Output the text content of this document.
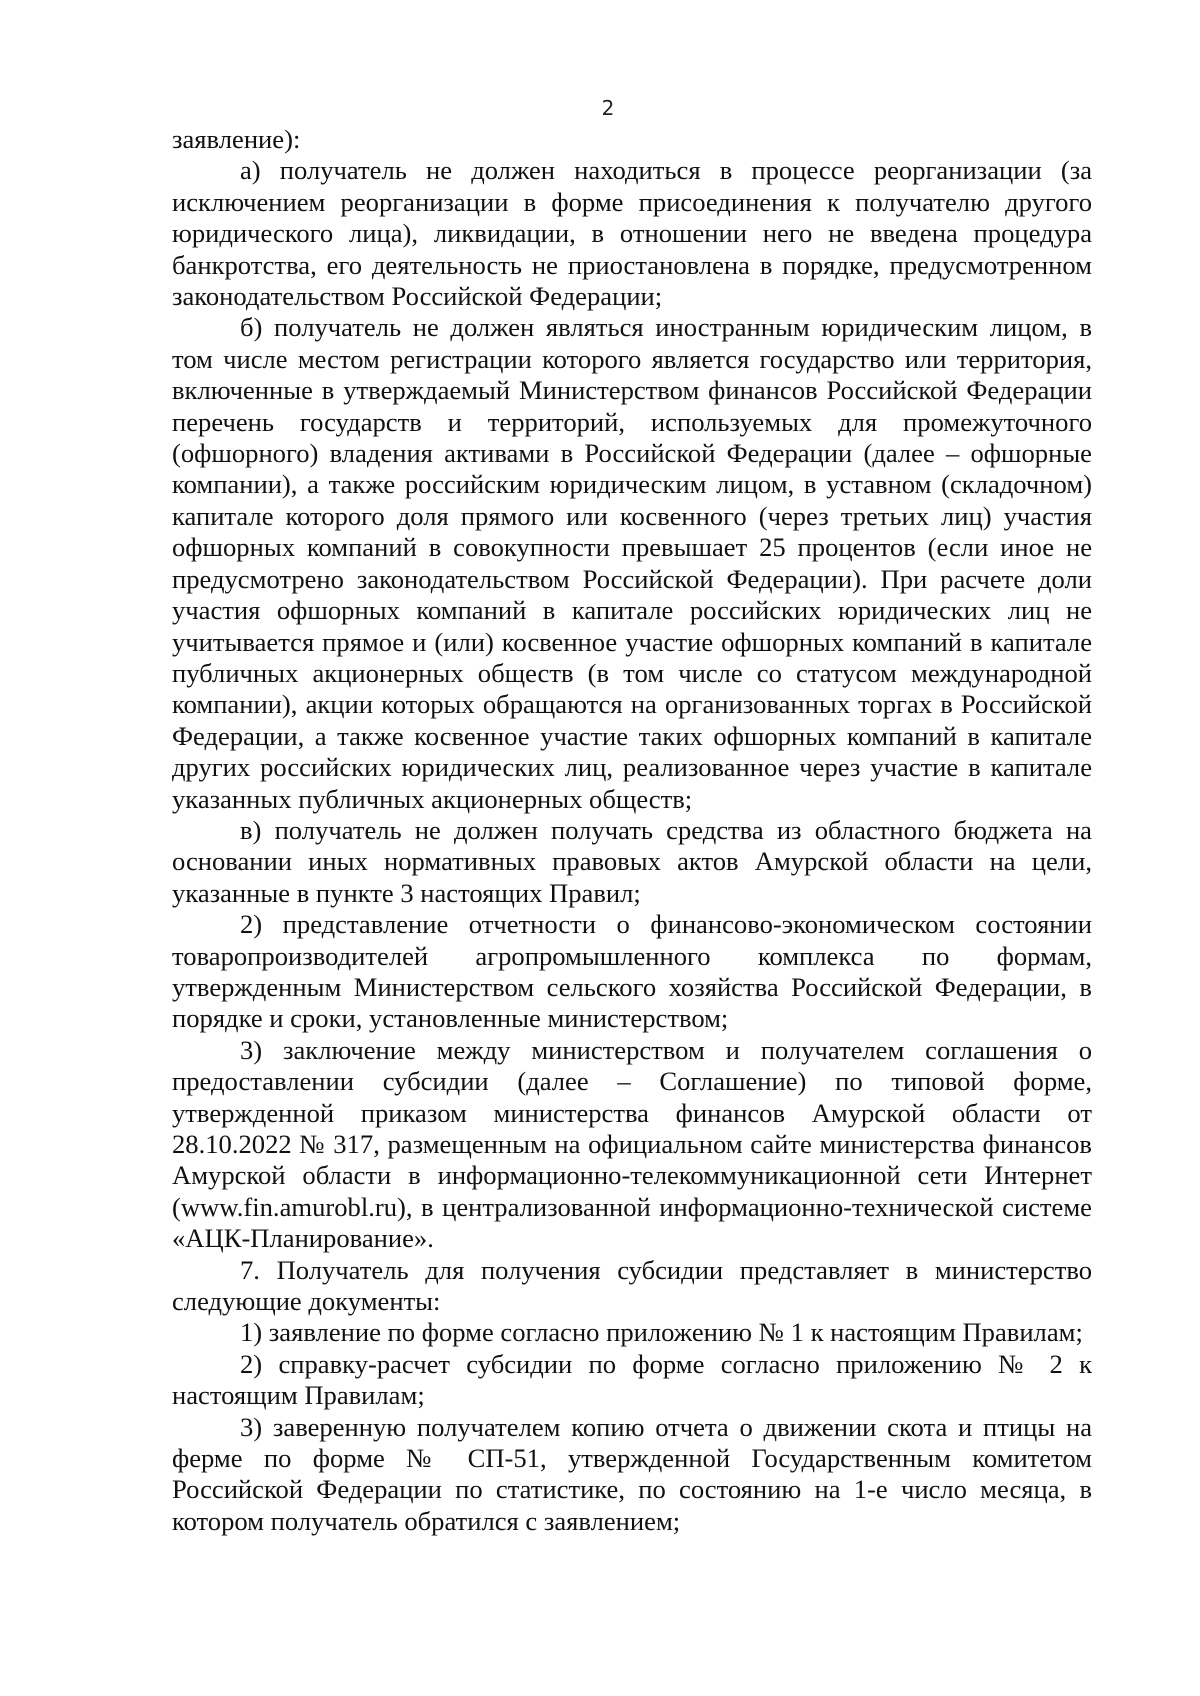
2

заявление):

а) получатель не должен находиться в процессе реорганизации (за исключением реорганизации в форме присоединения к получателю другого юридического лица), ликвидации, в отношении него не введена процедура банкротства, его деятельность не приостановлена в порядке, предусмотренном законодательством Российской Федерации;

б) получатель не должен являться иностранным юридическим лицом, в том числе местом регистрации которого является государство или территория, включенные в утверждаемый Министерством финансов Российской Федерации перечень государств и территорий, используемых для промежуточного (офшорного) владения активами в Российской Федерации (далее – офшорные компании), а также российским юридическим лицом, в уставном (складочном) капитале которого доля прямого или косвенного (через третьих лиц) участия офшорных компаний в совокупности превышает 25 процентов (если иное не предусмотрено законодательством Российской Федерации). При расчете доли участия офшорных компаний в капитале российских юридических лиц не учитывается прямое и (или) косвенное участие офшорных компаний в капитале публичных акционерных обществ (в том числе со статусом международной компании), акции которых обращаются на организованных торгах в Российской Федерации, а также косвенное участие таких офшорных компаний в капитале других российских юридических лиц, реализованное через участие в капитале указанных публичных акционерных обществ;

в) получатель не должен получать средства из областного бюджета на основании иных нормативных правовых актов Амурской области на цели, указанные в пункте 3 настоящих Правил;

2) представление отчетности о финансово-экономическом состоянии товаропроизводителей агропромышленного комплекса по формам, утвержденным Министерством сельского хозяйства Российской Федерации, в порядке и сроки, установленные министерством;

3) заключение между министерством и получателем соглашения о предоставлении субсидии (далее – Соглашение) по типовой форме, утвержденной приказом министерства финансов Амурской области от 28.10.2022 № 317, размещенным на официальном сайте министерства финансов Амурской области в информационно-телекоммуникационной сети Интернет (www.fin.amurobl.ru), в централизованной информационно-технической системе «АЦК-Планирование».

7. Получатель для получения субсидии представляет в министерство следующие документы:

1) заявление по форме согласно приложению № 1 к настоящим Правилам;

2) справку-расчет субсидии по форме согласно приложению № 2 к настоящим Правилам;

3) заверенную получателем копию отчета о движении скота и птицы на ферме по форме № СП-51, утвержденной Государственным комитетом Российской Федерации по статистике, по состоянию на 1-е число месяца, в котором получатель обратился с заявлением;
